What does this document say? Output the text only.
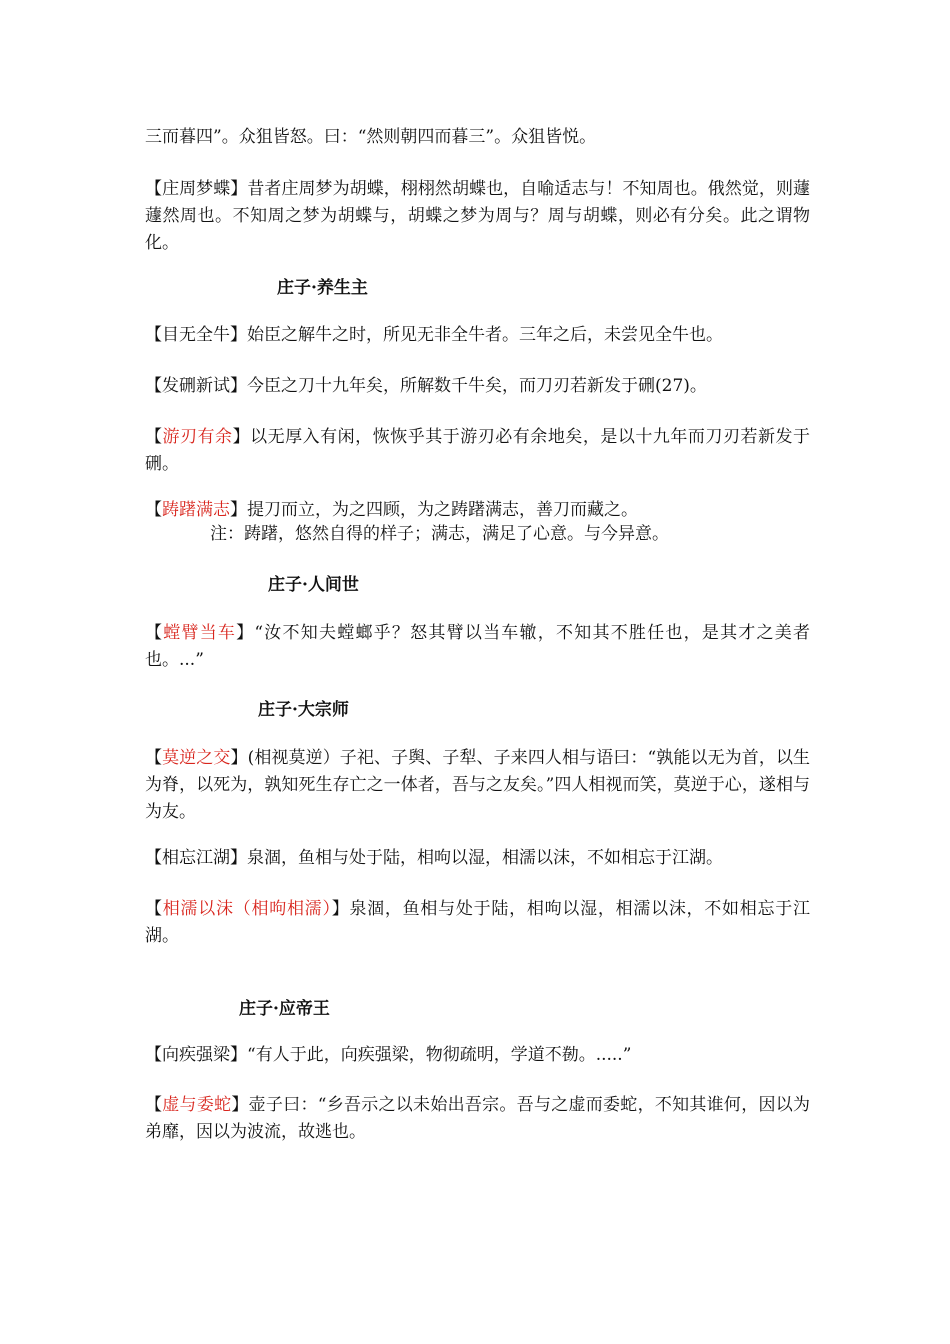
三而暮四”。众狙皆怒。曰：“然则朝四而暮三”。众狙皆悦。

【庄周梦蝶】昔者庄周梦为胡蝶，栩栩然胡蝶也，自喻适志与！不知周也。俄然觉，则蘧蘧然周也。不知周之梦为胡蝶与，胡蝶之梦为周与？周与胡蝶，则必有分矣。此之谓物化。

庄子·养生主

【目无全牛】始臣之解牛之时，所见无非全牛者。三年之后，未尝见全牛也。

【发硎新试】今臣之刀十九年矣，所解数千牛矣，而刀刃若新发于硎(27)。

【游刃有余】以无厚入有闲，恢恢乎其于游刃必有余地矣，是以十九年而刀刃若新发于硎。

【踌躇满志】提刀而立，为之四顾，为之踌躇满志，善刀而藏之。

注：踌躇，悠然自得的样子；满志，满足了心意。与今异意。

庄子·人间世

【螳臂当车】“汝不知夫螳螂乎？怒其臂以当车辙，不知其不胜任也，是其才之美者也。...”

庄子·大宗师

【莫逆之交】(相视莫逆）子祀、子舆、子犁、子来四人相与语曰：“孰能以无为首，以生为脊，以死为，孰知死生存亡之一体者，吾与之友矣。”四人相视而笑，莫逆于心，遂相与为友。

【相忘江湖】泉涸，鱼相与处于陆，相呴以湿，相濡以沫，不如相忘于江湖。

【相濡以沫（相呴相濡）】泉涸，鱼相与处于陆，相呴以湿，相濡以沫，不如相忘于江湖。

庄子·应帝王

【向疾强梁】“有人于此，向疾强梁，物彻疏明，学道不勌。.....”

【虚与委蛇】壶子曰：“乡吾示之以未始出吾宗。吾与之虚而委蛇，不知其谁何，因以为弟靡，因以为波流，故逃也。
